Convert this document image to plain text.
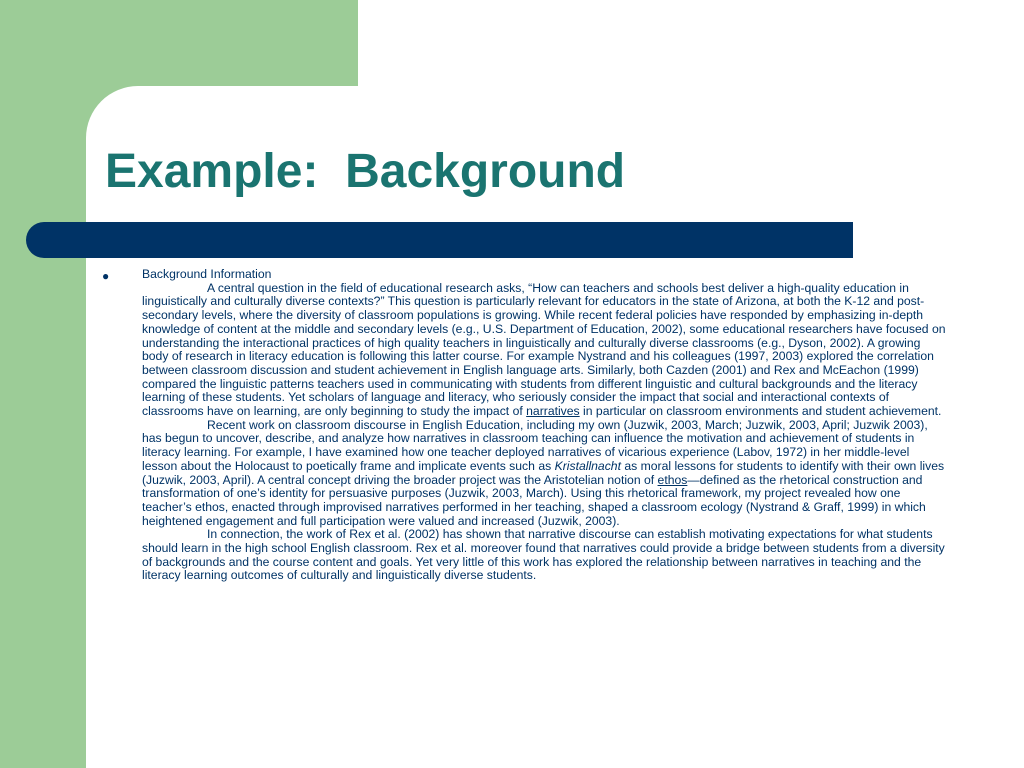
Example:  Background
●	Background Information

A central question in the field of educational research asks, “How can teachers and schools best deliver a high-quality education in linguistically and culturally diverse contexts?” This question is particularly relevant for educators in the state of Arizona, at both the K-12 and post-secondary levels, where the diversity of classroom populations is growing. While recent federal policies have responded by emphasizing in-depth knowledge of content at the middle and secondary levels (e.g., U.S. Department of Education, 2002), some educational researchers have focused on understanding the interactional practices of high quality teachers in linguistically and culturally diverse classrooms (e.g., Dyson, 2002). A growing body of research in literacy education is following this latter course. For example Nystrand and his colleagues (1997, 2003) explored the correlation between classroom discussion and student achievement in English language arts. Similarly, both Cazden (2001) and Rex and McEachon (1999) compared the linguistic patterns teachers used in communicating with students from different linguistic and cultural backgrounds and the literacy learning of these students. Yet scholars of language and literacy, who seriously consider the impact that social and interactional contexts of classrooms have on learning, are only beginning to study the impact of narratives in particular on classroom environments and student achievement.

Recent work on classroom discourse in English Education, including my own (Juzwik, 2003, March; Juzwik, 2003, April; Juzwik 2003), has begun to uncover, describe, and analyze how narratives in classroom teaching can influence the motivation and achievement of students in literacy learning. For example, I have examined how one teacher deployed narratives of vicarious experience (Labov, 1972) in her middle-level lesson about the Holocaust to poetically frame and implicate events such as Kristallnacht as moral lessons for students to identify with their own lives (Juzwik, 2003, April). A central concept driving the broader project was the Aristotelian notion of ethos—defined as the rhetorical construction and transformation of one’s identity for persuasive purposes (Juzwik, 2003, March). Using this rhetorical framework, my project revealed how one teacher’s ethos, enacted through improvised narratives performed in her teaching, shaped a classroom ecology (Nystrand & Graff, 1999) in which heightened engagement and full participation were valued and increased (Juzwik, 2003).

In connection, the work of Rex et al. (2002) has shown that narrative discourse can establish motivating expectations for what students should learn in the high school English classroom. Rex et al. moreover found that narratives could provide a bridge between students from a diversity of backgrounds and the course content and goals. Yet very little of this work has explored the relationship between narratives in teaching and the literacy learning outcomes of culturally and linguistically diverse students.
